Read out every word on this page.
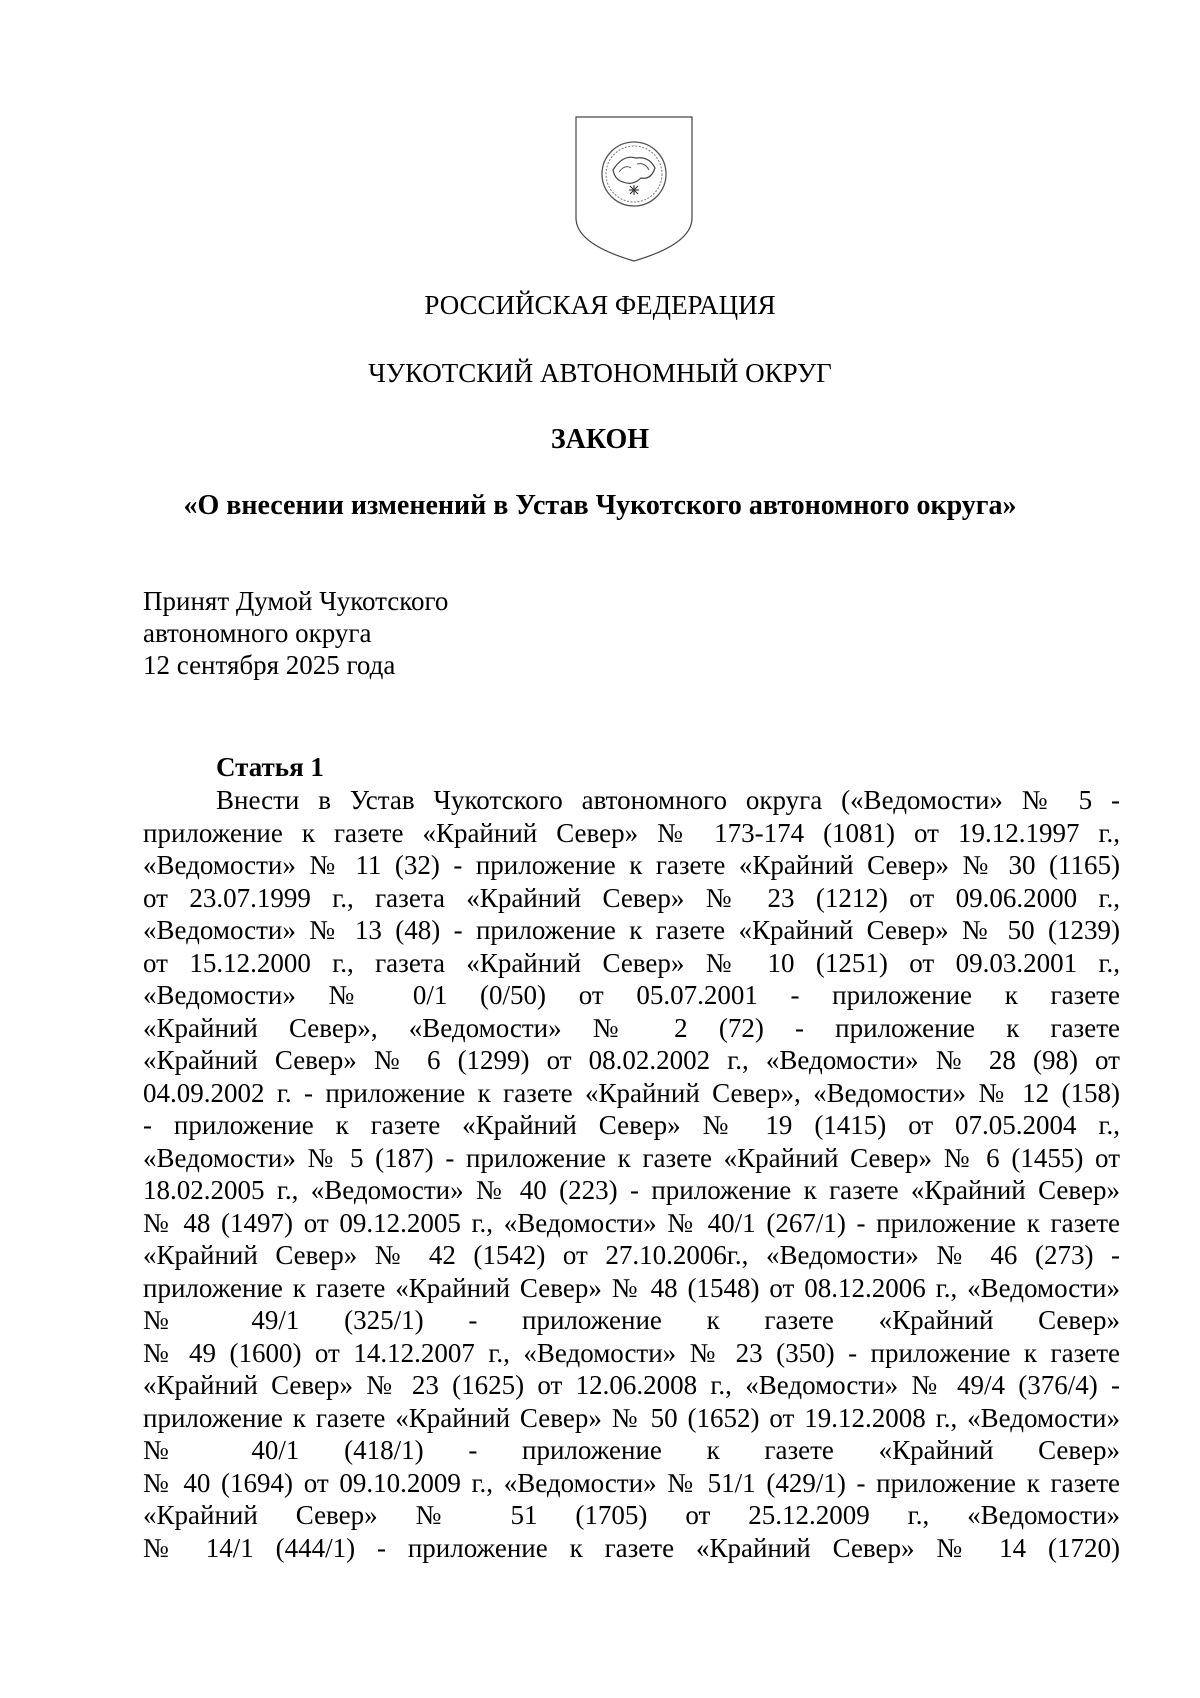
РОССИЙСКАЯ ФЕДЕРАЦИЯ
ЧУКОТСКИЙ АВТОНОМНЫЙ ОКРУГ
ЗАКОН
«О внесении изменений в Устав Чукотского автономного округа»
Принят Думой Чукотского
автономного округа
12 сентября 2025 года
Статья 1
Внести в Устав Чукотского автономного округа («Ведомости» № 5 -
приложение к газете «Крайний Север» № 173-174 (1081) от 19.12.1997 г.,
«Ведомости» № 11 (32) - приложение к газете «Крайний Север» № 30 (1165)
от 23.07.1999 г., газета «Крайний Север» № 23 (1212) от 09.06.2000 г.,
«Ведомости» № 13 (48) - приложение к газете «Крайний Север» № 50 (1239)
от 15.12.2000 г., газета «Крайний Север» № 10 (1251) от 09.03.2001 г.,
«Ведомости» № 0/1 (0/50) от 05.07.2001 - приложение к газете
«Крайний Север», «Ведомости» № 2 (72) - приложение к газете
«Крайний Север» № 6 (1299) от 08.02.2002 г., «Ведомости» № 28 (98) от
04.09.2002 г. - приложение к газете «Крайний Север», «Ведомости» № 12 (158)
- приложение к газете «Крайний Север» № 19 (1415) от 07.05.2004 г.,
«Ведомости» № 5 (187) - приложение к газете «Крайний Север» № 6 (1455) от
18.02.2005 г., «Ведомости» № 40 (223) - приложение к газете «Крайний Север»
№ 48 (1497) от 09.12.2005 г., «Ведомости» № 40/1 (267/1) - приложение к газете
«Крайний Север» № 42 (1542) от 27.10.2006г., «Ведомости» № 46 (273) -
приложение к газете «Крайний Север» № 48 (1548) от 08.12.2006 г., «Ведомости»
№ 49/1 (325/1) - приложение к газете «Крайний Север»
№ 49 (1600) от 14.12.2007 г., «Ведомости» № 23 (350) - приложение к газете
«Крайний Север» № 23 (1625) от 12.06.2008 г., «Ведомости» № 49/4 (376/4) -
приложение к газете «Крайний Север» № 50 (1652) от 19.12.2008 г., «Ведомости»
№ 40/1 (418/1) - приложение к газете «Крайний Север»
№ 40 (1694) от 09.10.2009 г., «Ведомости» № 51/1 (429/1) - приложение к газете
«Крайний Север» № 51 (1705) от 25.12.2009 г., «Ведомости»
№ 14/1 (444/1) - приложение к газете «Крайний Север» № 14 (1720)
